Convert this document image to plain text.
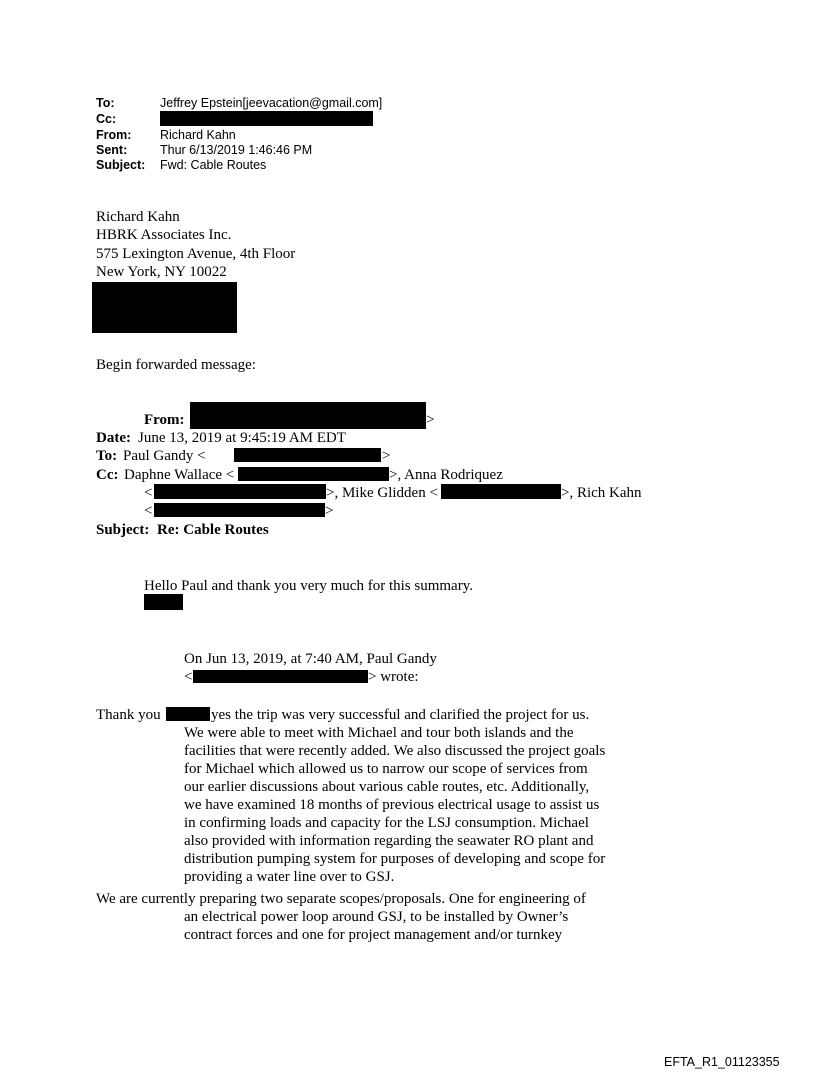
To:	Jeffrey Epstein[jeevacation@gmail.com]
Cc:
From:	Richard Kahn
Sent:	Thur 6/13/2019 1:46:46 PM
Subject:	Fwd: Cable Routes
Richard Kahn
HBRK Associates Inc.
575 Lexington Avenue, 4th Floor
New York, NY 10022
Begin forwarded message:
From:	>
Date: June 13, 2019 at 9:45:19 AM EDT
To: Paul Gandy <	>
Cc: Daphne Wallace <	>, Anna Rodriquez
<	>, Mike Glidden <	>, Rich Kahn
<	>
Subject: Re: Cable Routes
Hello Paul and thank you very much for this summary.
On Jun 13, 2019, at 7:40 AM, Paul Gandy
<	> wrote:
Thank you	yes the trip was very successful and clarified the project for us.

We were able to meet with Michael and tour both islands and the

facilities that were recently added. We also discussed the project goals

for Michael which allowed us to narrow our scope of services from

our earlier discussions about various cable routes, etc. Additionally,

we have examined 18 months of previous electrical usage to assist us

in confirming loads and capacity for the LSJ consumption. Michael

also provided with information regarding the seawater RO plant and

distribution pumping system for purposes of developing and scope for

providing a water line over to GSJ.

We are currently preparing two separate scopes/proposals. One for engineering of

an electrical power loop around GSJ, to be installed by Owner’s

contract forces and one for project management and/or turnkey

EFTA_R1_01123355
